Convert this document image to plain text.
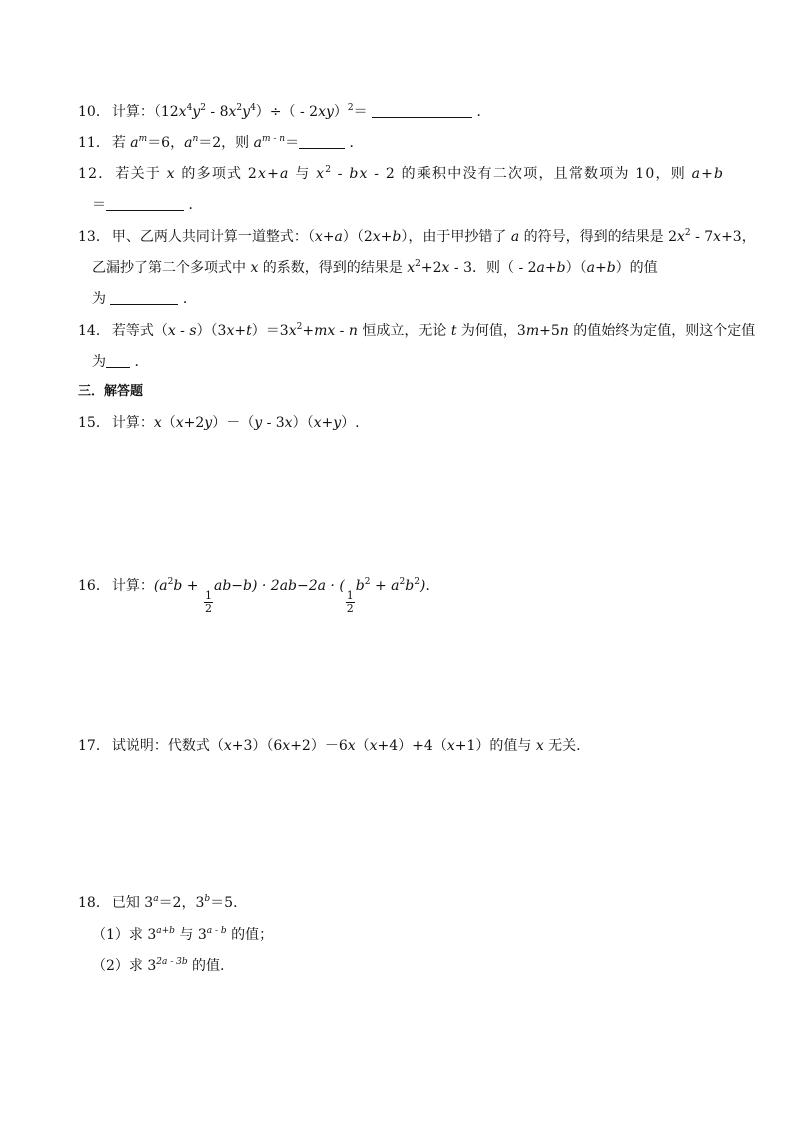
10． 计算：$(12x^4y^2 - 8x^2y^4)\div( - 2xy)^2=$	．
11． 若 $a^m=6$，$a^n=2$，则 $a^{m - n}=$	．
12． 若关于 x 的多项式 2x+a 与 $x^2$ - bx - 2 的乘积中没有二次项，且常数项为 10，则 a+b
＝	．
13． 甲、乙两人共同计算一道整式：（x+a）（2x+b），由于甲抄错了 a 的符号，得到的结果是 $2x^2 - 7x+3$，
乙漏抄了第二个多项式中 x 的系数，得到的结果是 $x^2+2x - 3$．则（ - 2a+b）（a+b）的值
为	．
14． 若等式$(x - s)(3x+t)=3x^2+mx - n$ 恒成立，无论 t 为何值，3m+5n 的值始终为定值，则这个定值
为 ．
三．解答题
15． 计算：x（x+2y）－（y - 3x）（x+y）.
16． 计算：($a^2b$ +
$\frac{1}{2}$
ab−b) · 2ab−2a · (
$\frac{1}{2}$
$b^2 + a^2b^2$).
17． 试说明：代数式（x+3）（6x+2）－6x（x+4）+4（x+1）的值与 x 无关.
18． 已知 $3^a=2$，$3^b=5$．
（1）求 $3^{a+b}$ 与 3$^{a - b}$ 的值；
（2）求 $3^{2a - 3b}$ 的值.
